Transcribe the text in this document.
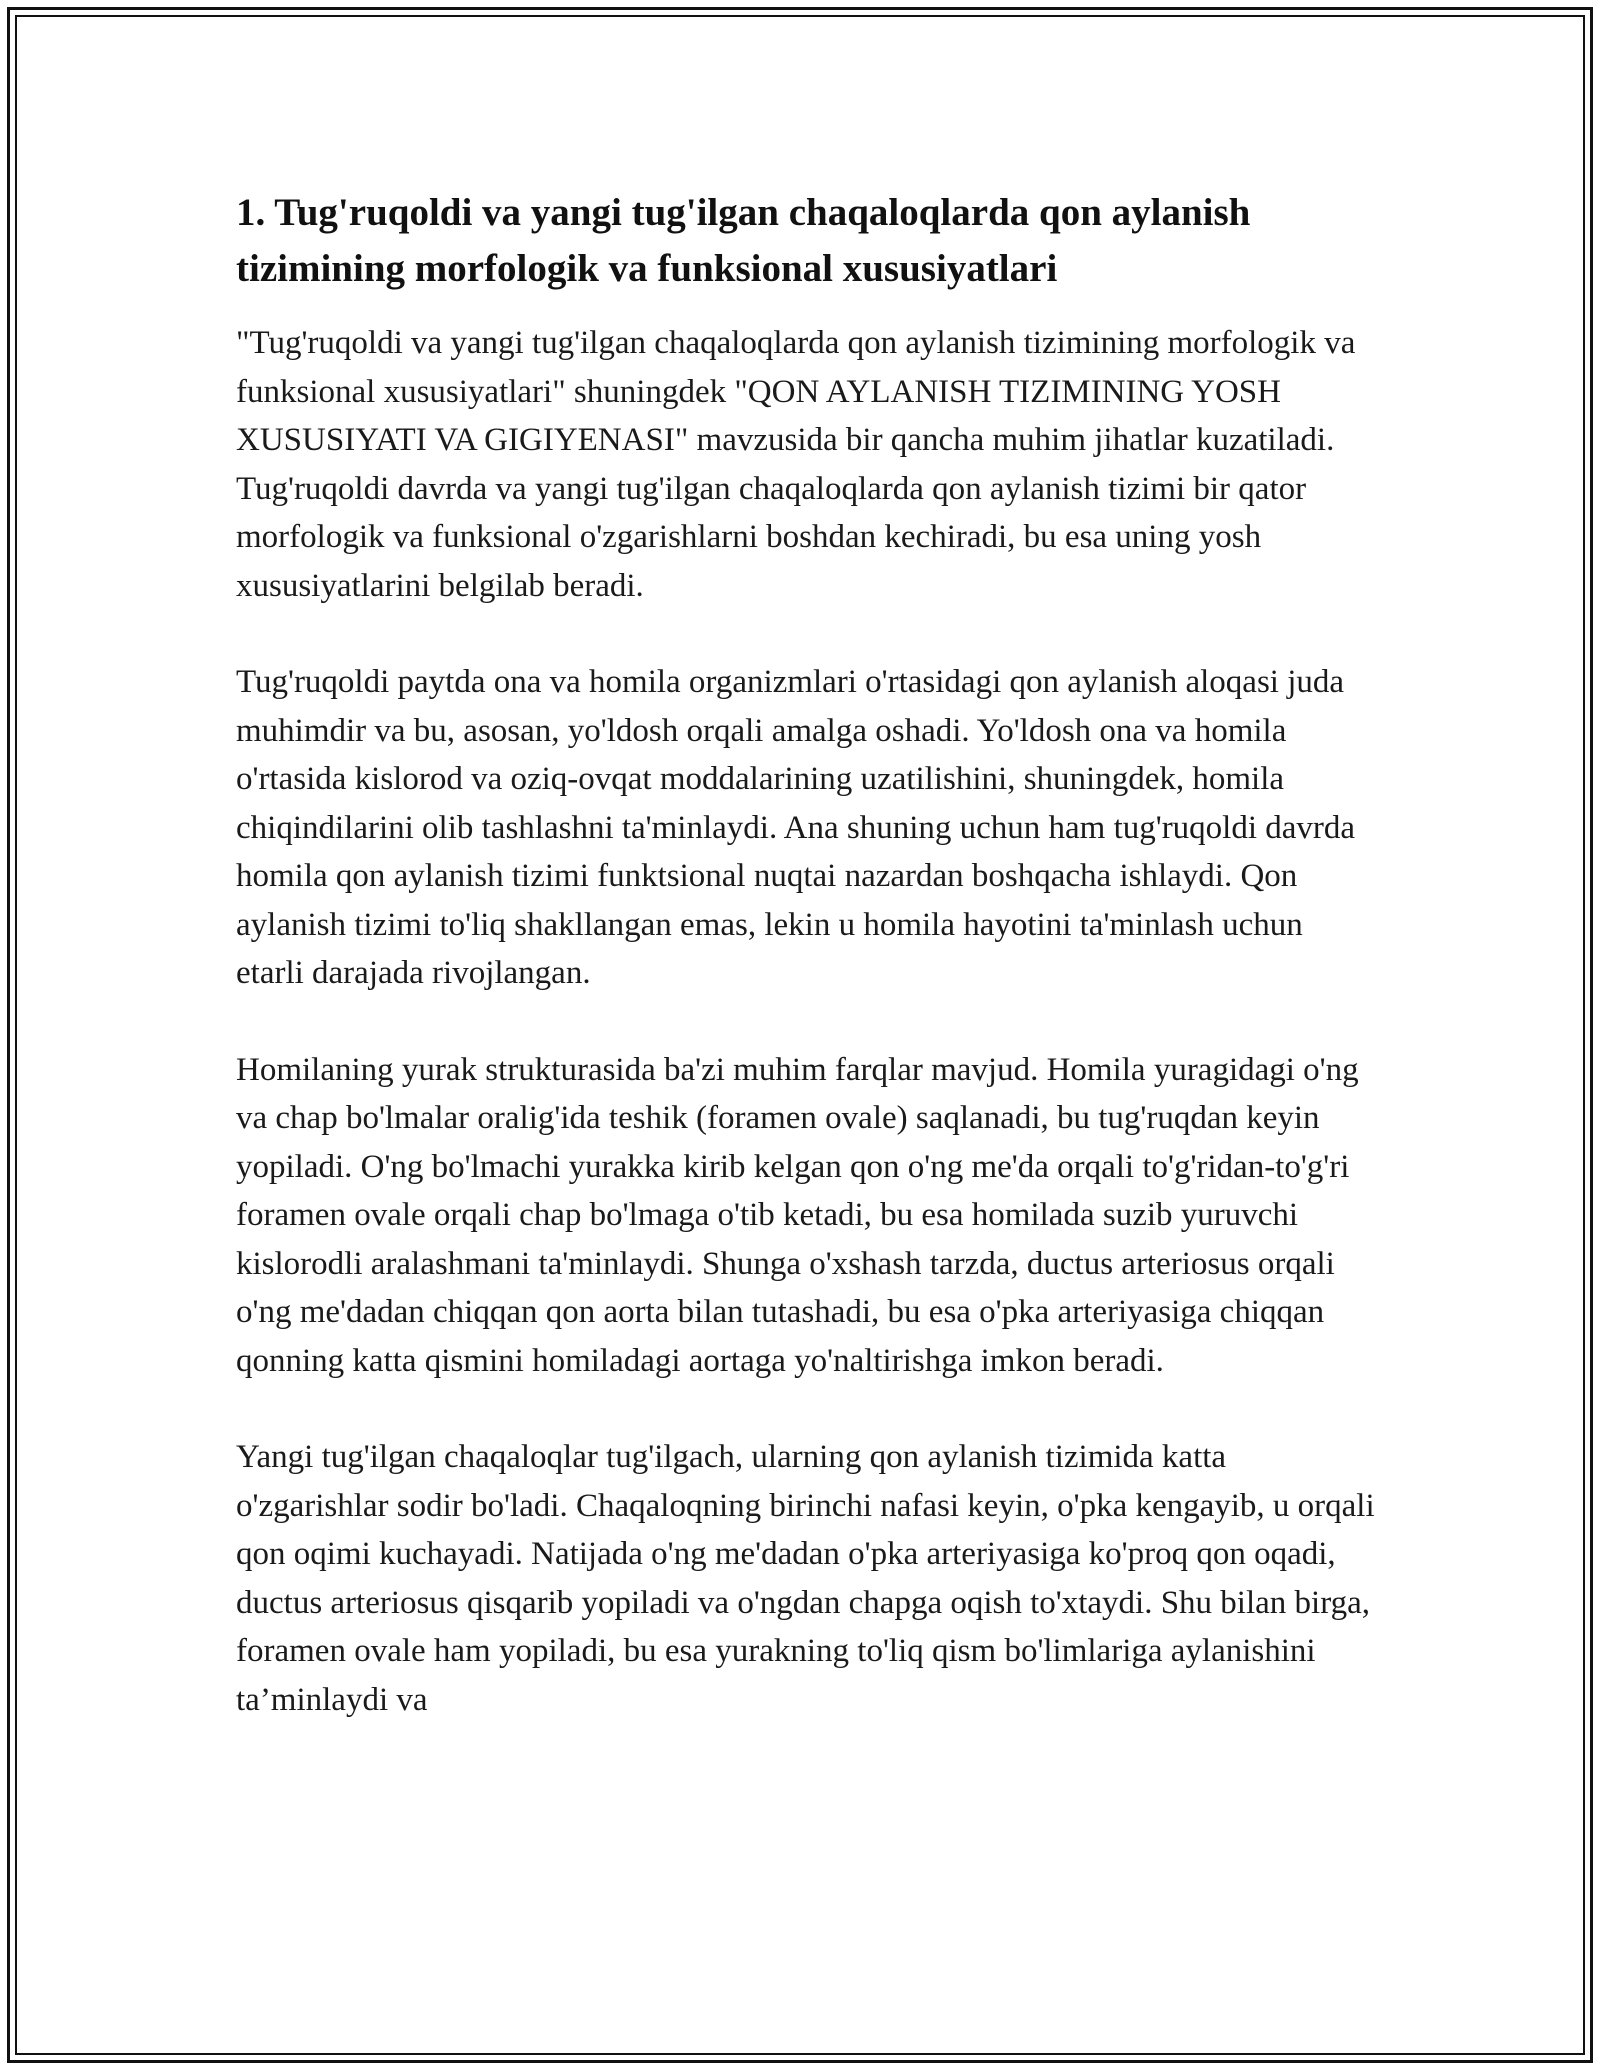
1. Tug'ruqoldi va yangi tug'ilgan chaqaloqlarda qon aylanish tizimining morfologik va funksional xususiyatlari

"Tug'ruqoldi va yangi tug'ilgan chaqaloqlarda qon aylanish tizimining morfologik va funksional xususiyatlari" shuningdek "QON AYLANISH TIZIMINING YOSH XUSUSIYATI VA GIGIYENASI" mavzusida bir qancha muhim jihatlar kuzatiladi. Tug'ruqoldi davrda va yangi tug'ilgan chaqaloqlarda qon aylanish tizimi bir qator morfologik va funksional o'zgarishlarni boshdan kechiradi, bu esa uning yosh xususiyatlarini belgilab beradi.

Tug'ruqoldi paytda ona va homila organizmlari o'rtasidagi qon aylanish aloqasi juda muhimdir va bu, asosan, yo'ldosh orqali amalga oshadi. Yo'ldosh ona va homila o'rtasida kislorod va oziq-ovqat moddalarining uzatilishini, shuningdek, homila chiqindilarini olib tashlashni ta'minlaydi. Ana shuning uchun ham tug'ruqoldi davrda homila qon aylanish tizimi funktsional nuqtai nazardan boshqacha ishlaydi. Qon aylanish tizimi to'liq shakllangan emas, lekin u homila hayotini ta'minlash uchun etarli darajada rivojlangan.

Homilaning yurak strukturasida ba'zi muhim farqlar mavjud. Homila yuragidagi o'ng va chap bo'lmalar oralig'ida teshik (foramen ovale) saqlanadi, bu tug'ruqdan keyin yopiladi. O'ng bo'lmachi yurakka kirib kelgan qon o'ng me'da orqali to'g'ridan-to'g'ri foramen ovale orqali chap bo'lmaga o'tib ketadi, bu esa homilada suzib yuruvchi kislorodli aralashmani ta'minlaydi. Shunga o'xshash tarzda, ductus arteriosus orqali o'ng me'dadan chiqqan qon aorta bilan tutashadi, bu esa o'pka arteriyasiga chiqqan qonning katta qismini homiladagi aortaga yo'naltirishga imkon beradi.

Yangi tug'ilgan chaqaloqlar tug'ilgach, ularning qon aylanish tizimida katta o'zgarishlar sodir bo'ladi. Chaqaloqning birinchi nafasi keyin, o'pka kengayib, u orqali qon oqimi kuchayadi. Natijada o'ng me'dadan o'pka arteriyasiga ko'proq qon oqadi, ductus arteriosus qisqarib yopiladi va o'ngdan chapga oqish to'xtaydi. Shu bilan birga, foramen ovale ham yopiladi, bu esa yurakning to'liq qism bo'limlariga aylanishini ta’minlaydi va
